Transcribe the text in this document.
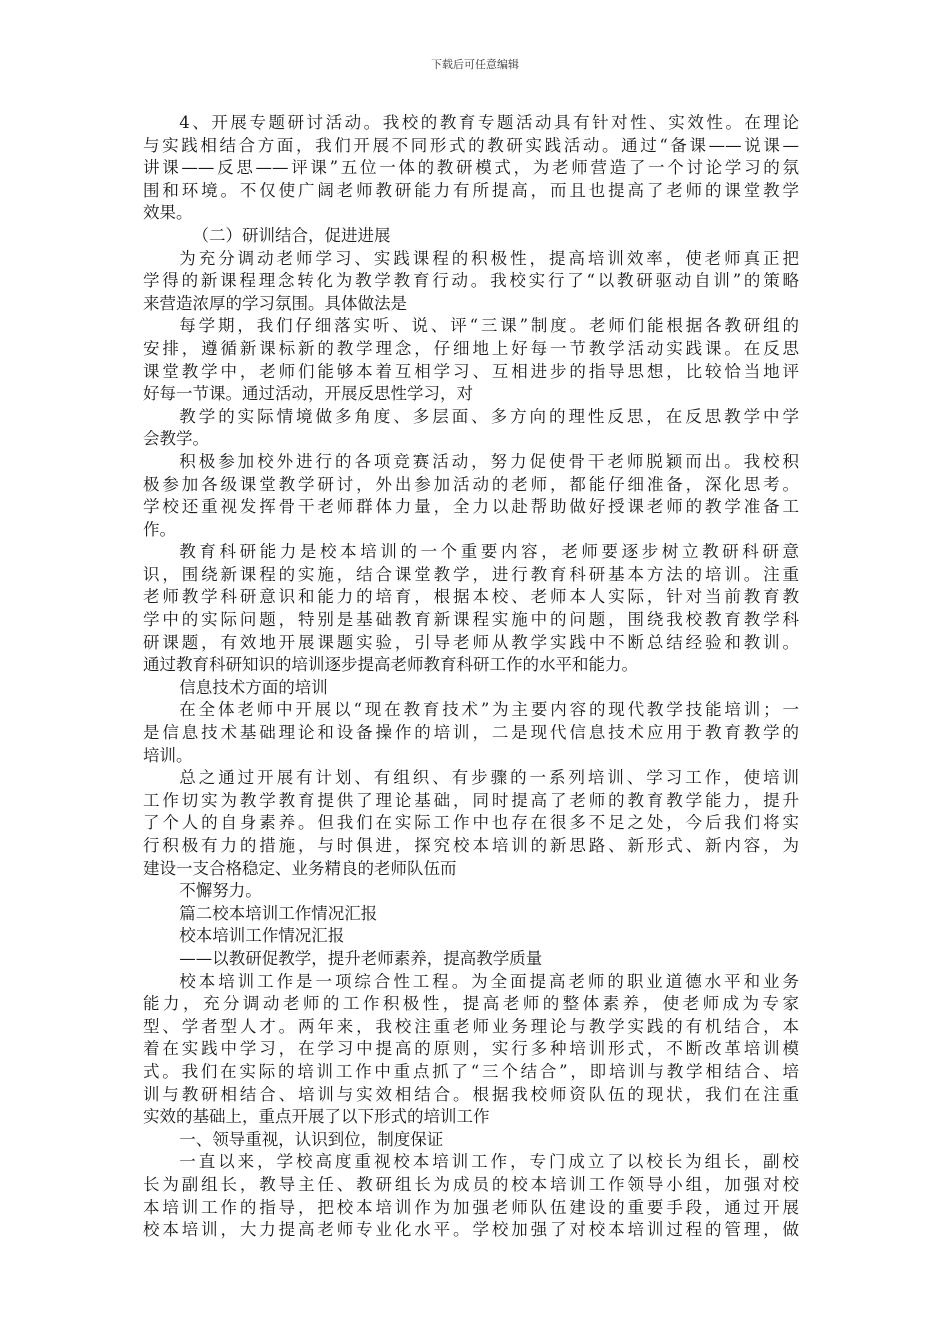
下载后可任意编辑
4、开展专题研讨活动。我校的教育专题活动具有针对性、实效性。在理论
与实践相结合方面，我们开展不同形式的教研实践活动。通过“备课——说课—
讲课——反思——评课”五位一体的教研模式，为老师营造了一个讨论学习的氛
围和环境。不仅使广阔老师教研能力有所提高，而且也提高了老师的课堂教学
效果。
（二）研训结合，促进进展
为充分调动老师学习、实践课程的积极性，提高培训效率，使老师真正把
学得的新课程理念转化为教学教育行动。我校实行了“以教研驱动自训”的策略
来营造浓厚的学习氛围。具体做法是
每学期，我们仔细落实听、说、评“三课”制度。老师们能根据各教研组的
安排，遵循新课标新的教学理念，仔细地上好每一节教学活动实践课。在反思
课堂教学中，老师们能够本着互相学习、互相进步的指导思想，比较恰当地评
好每一节课。通过活动，开展反思性学习，对
教学的实际情境做多角度、多层面、多方向的理性反思，在反思教学中学
会教学。
积极参加校外进行的各项竞赛活动，努力促使骨干老师脱颖而出。我校积
极参加各级课堂教学研讨，外出参加活动的老师，都能仔细准备，深化思考。
学校还重视发挥骨干老师群体力量，全力以赴帮助做好授课老师的教学准备工
作。
教育科研能力是校本培训的一个重要内容，老师要逐步树立教研科研意
识，围绕新课程的实施，结合课堂教学，进行教育科研基本方法的培训。注重
老师教学科研意识和能力的培育，根据本校、老师本人实际，针对当前教育教
学中的实际问题，特别是基础教育新课程实施中的问题，围绕我校教育教学科
研课题，有效地开展课题实验，引导老师从教学实践中不断总结经验和教训。
通过教育科研知识的培训逐步提高老师教育科研工作的水平和能力。
信息技术方面的培训
在全体老师中开展以“现在教育技术”为主要内容的现代教学技能培训；一
是信息技术基础理论和设备操作的培训，二是现代信息技术应用于教育教学的
培训。
总之通过开展有计划、有组织、有步骤的一系列培训、学习工作，使培训
工作切实为教学教育提供了理论基础，同时提高了老师的教育教学能力，提升
了个人的自身素养。但我们在实际工作中也存在很多不足之处，今后我们将实
行积极有力的措施，与时俱进，探究校本培训的新思路、新形式、新内容，为
建设一支合格稳定、业务精良的老师队伍而
不懈努力。
篇二校本培训工作情况汇报
校本培训工作情况汇报
——以教研促教学，提升老师素养，提高教学质量
校本培训工作是一项综合性工程。为全面提高老师的职业道德水平和业务
能力，充分调动老师的工作积极性，提高老师的整体素养，使老师成为专家
型、学者型人才。两年来，我校注重老师业务理论与教学实践的有机结合，本
着在实践中学习，在学习中提高的原则，实行多种培训形式，不断改革培训模
式。我们在实际的培训工作中重点抓了“三个结合”，即培训与教学相结合、培
训与教研相结合、培训与实效相结合。根据我校师资队伍的现状，我们在注重
实效的基础上，重点开展了以下形式的培训工作
一、领导重视，认识到位，制度保证
一直以来，学校高度重视校本培训工作，专门成立了以校长为组长，副校
长为副组长，教导主任、教研组长为成员的校本培训工作领导小组，加强对校
本培训工作的指导，把校本培训作为加强老师队伍建设的重要手段，通过开展
校本培训，大力提高老师专业化水平。学校加强了对校本培训过程的管理，做
